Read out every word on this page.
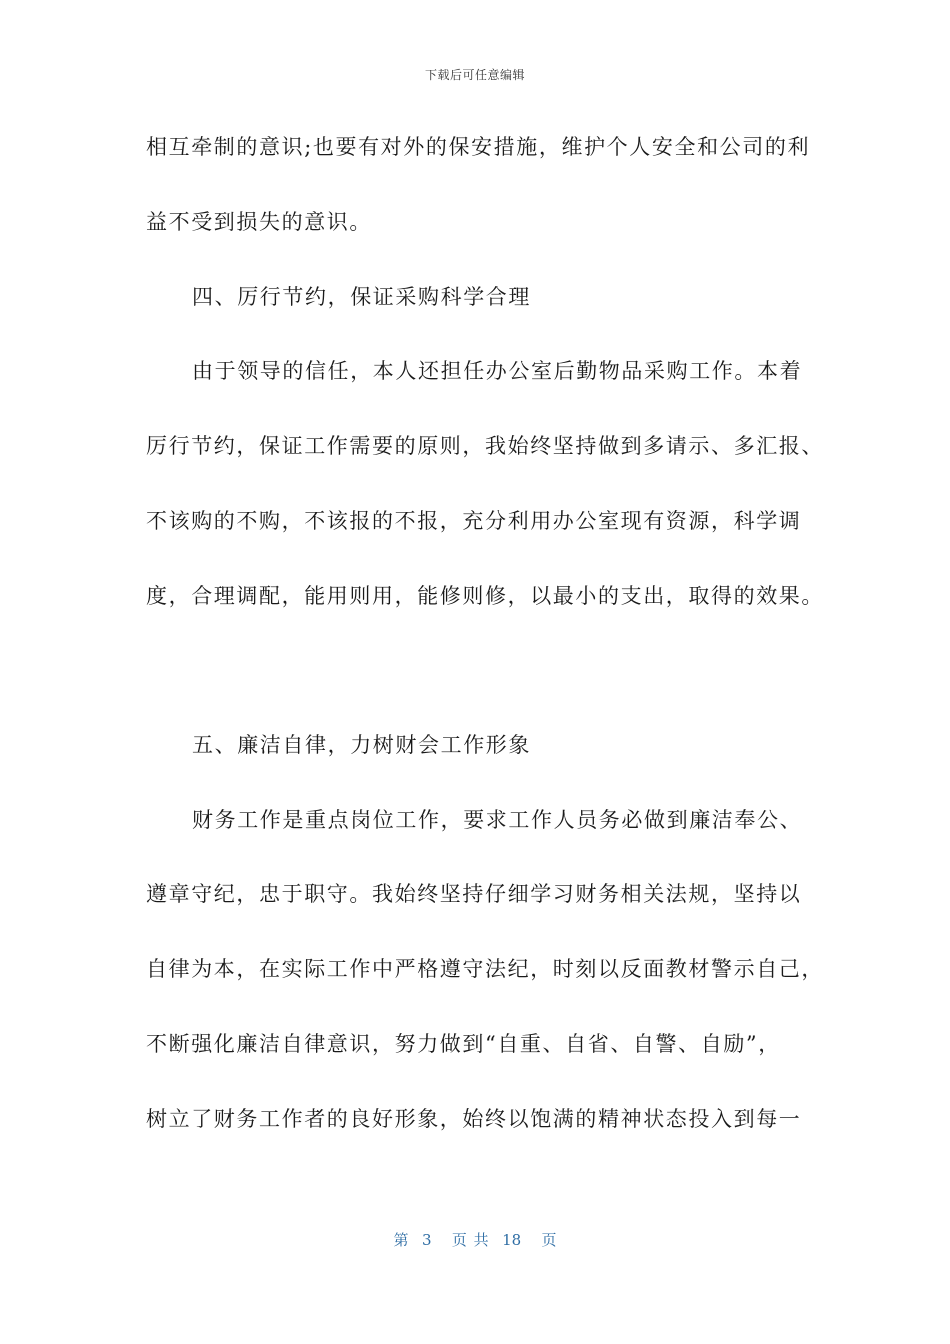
下载后可任意编辑
相互牵制的意识;也要有对外的保安措施，维护个人安全和公司的利
益不受到损失的意识。
四、厉行节约，保证采购科学合理
由于领导的信任，本人还担任办公室后勤物品采购工作。本着
厉行节约，保证工作需要的原则，我始终坚持做到多请示、多汇报、
不该购的不购，不该报的不报，充分利用办公室现有资源，科学调
度，合理调配，能用则用，能修则修，以最小的支出，取得的效果。
五、廉洁自律，力树财会工作形象
财务工作是重点岗位工作，要求工作人员务必做到廉洁奉公、
遵章守纪，忠于职守。我始终坚持仔细学习财务相关法规，坚持以
自律为本，在实际工作中严格遵守法纪，时刻以反面教材警示自己，
不断强化廉洁自律意识，努力做到“自重、自省、自警、自励”，
树立了财务工作者的良好形象，始终以饱满的精神状态投入到每一
第  3   页 共  18   页
